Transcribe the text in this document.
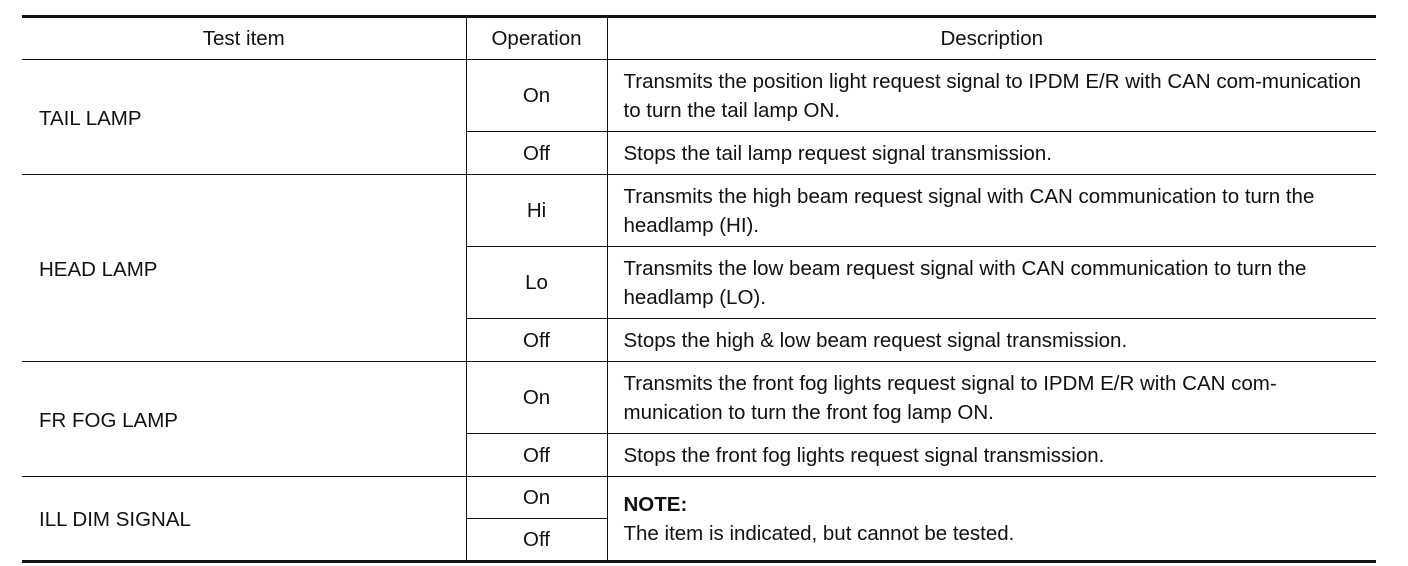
Test item	Operation	Description
TAIL LAMP	On	Transmits the position light request signal to IPDM E/R with CAN com-munication to turn the tail lamp ON.
	Off	Stops the tail lamp request signal transmission.
HEAD LAMP	Hi	Transmits the high beam request signal with CAN communication to turn the headlamp (HI).
	Lo	Transmits the low beam request signal with CAN communication to turn the headlamp (LO).
	Off	Stops the high & low beam request signal transmission.
FR FOG LAMP	On	Transmits the front fog lights request signal to IPDM E/R with CAN com-munication to turn the front fog lamp ON.
	Off	Stops the front fog lights request signal transmission.
ILL DIM SIGNAL	On	NOTE:
The item is indicated, but cannot be tested.

	Off	
